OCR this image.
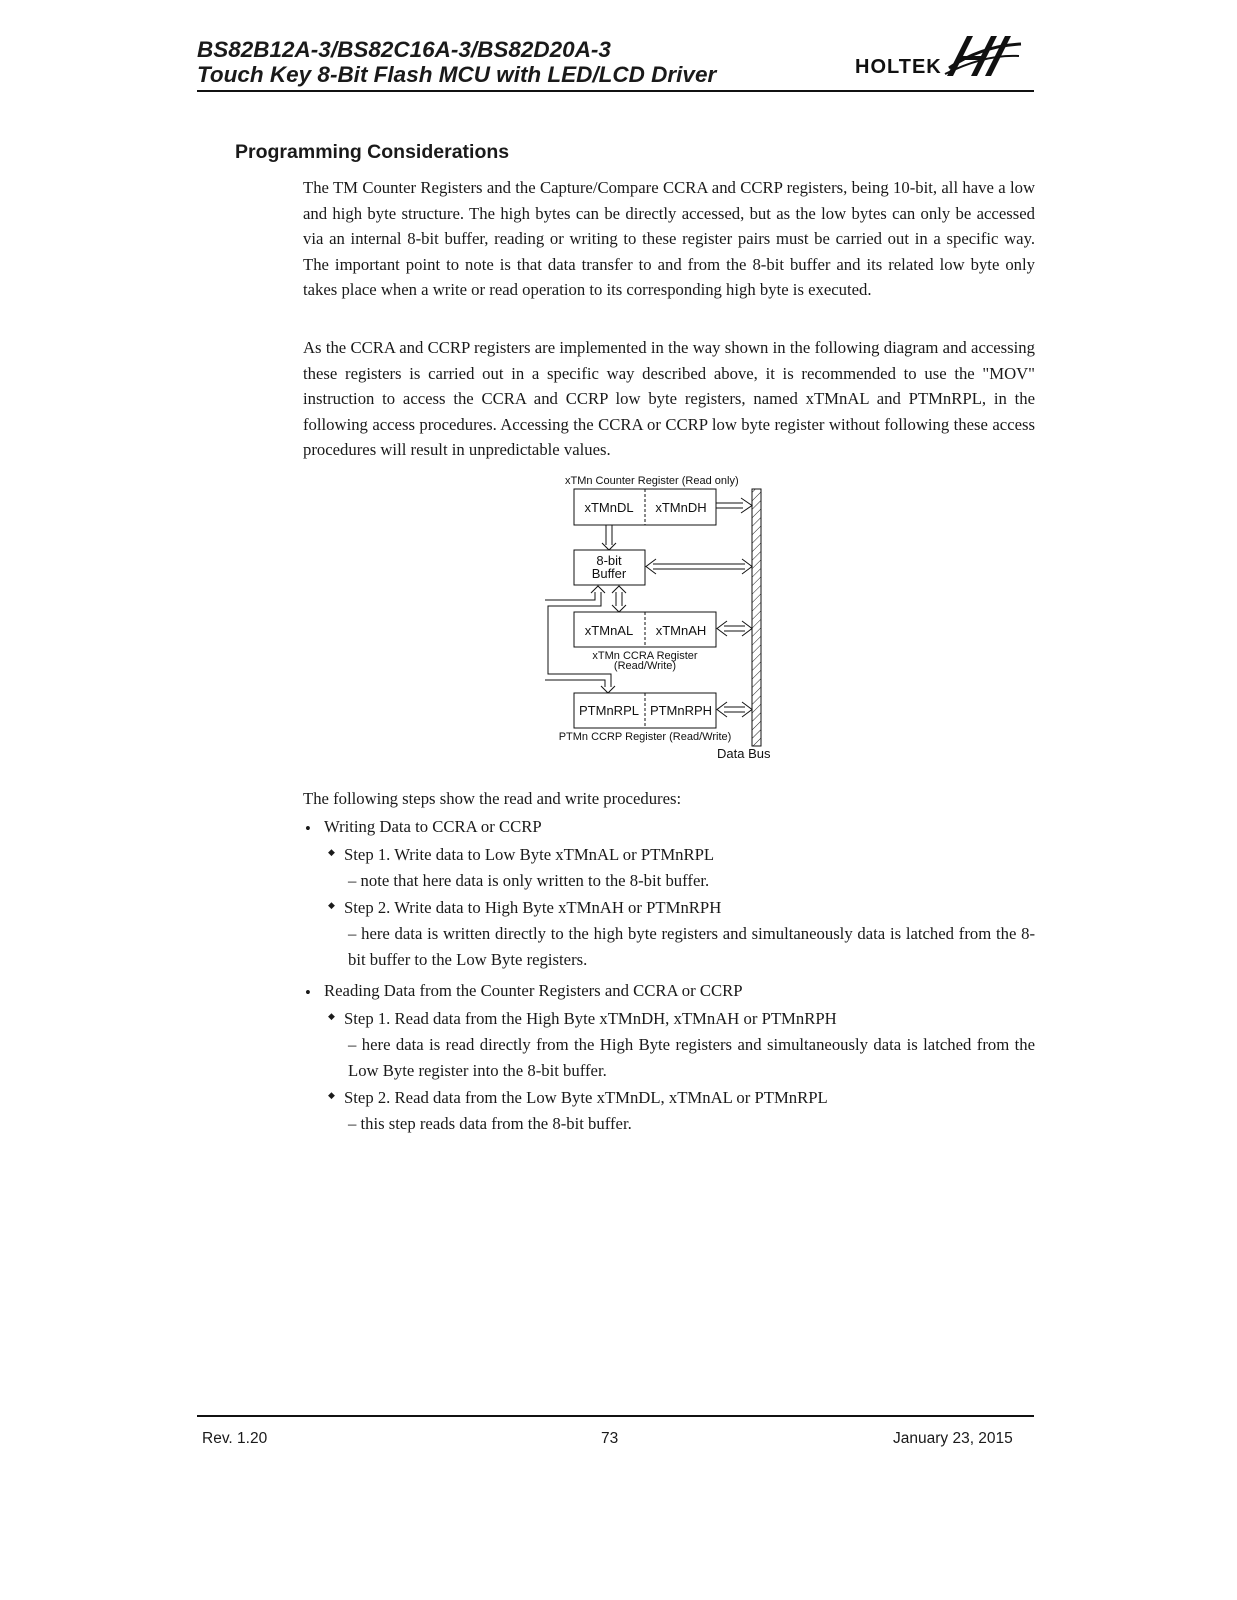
BS82B12A-3/BS82C16A-3/BS82D20A-3
Touch Key 8-Bit Flash MCU with LED/LCD Driver	HOLTEK
Programming Considerations

The TM Counter Registers and the Capture/Compare CCRA and CCRP registers, being 10-bit, all have a low and high byte structure. The high bytes can be directly accessed, but as the low bytes can only be accessed via an internal 8-bit buffer, reading or writing to these register pairs must be carried out in a specific way. The important point to note is that data transfer to and from the 8-bit buffer and its related low byte only takes place when a write or read operation to its corresponding high byte is executed.

As the CCRA and CCRP registers are implemented in the way shown in the following diagram and accessing these registers is carried out in a specific way described above, it is recommended to use the "MOV" instruction to access the CCRA and CCRP low byte registers, named xTMnAL and PTMnRPL, in the following access procedures. Accessing the CCRA or CCRP low byte register without following these access procedures will result in unpredictable values.

xTMn Counter Register (Read only)
xTMnDL xTMnDH
8-bit
Buffer
xTMnAL xTMnAH
xTMn CCRA Register
(Read/Write)
PTMnRPL PTMnRPH
PTMn CCRP Register (Read/Write)
Data Bus
The following steps show the read and write procedures:
• Writing Data to CCRA or CCRP
◆ Step 1. Write data to Low Byte xTMnAL or PTMnRPL
– note that here data is only written to the 8-bit buffer.
◆ Step 2. Write data to High Byte xTMnAH or PTMnRPH

– here data is written directly to the high byte registers and simultaneously data is latched from the 8-bit buffer to the Low Byte registers.

• Reading Data from the Counter Registers and CCRA or CCRP
◆ Step 1. Read data from the High Byte xTMnDH, xTMnAH or PTMnRPH

– here data is read directly from the High Byte registers and simultaneously data is latched from the Low Byte register into the 8-bit buffer.

◆ Step 2. Read data from the Low Byte xTMnDL, xTMnAL or PTMnRPL
– this step reads data from the 8-bit buffer.
Rev. 1.20	73	January 23, 2015
